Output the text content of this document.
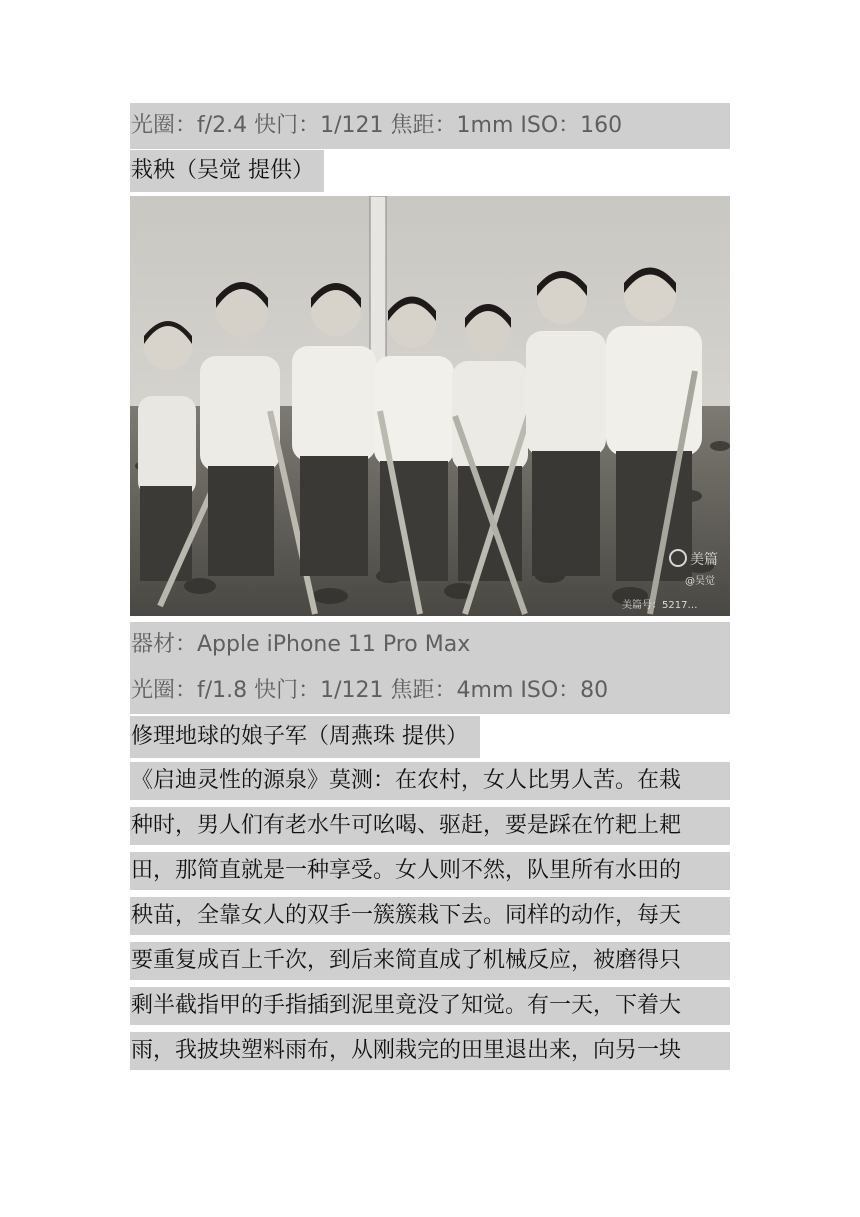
光圈：f/2.4 快门：1/121 焦距：1mm ISO：160
栽秧（吴觉 提供）
美篇
@吴觉
美篇号：5217…
器材：Apple iPhone 11 Pro Max
光圈：f/1.8 快门：1/121 焦距：4mm ISO：80
修理地球的娘子军（周燕珠 提供）
《启迪灵性的源泉》莫测：在农村，女人比男人苦。在栽
种时，男人们有老水牛可吆喝、驱赶，要是踩在竹耙上耙
田，那简直就是一种享受。女人则不然，队里所有水田的
秧苗，全靠女人的双手一簇簇栽下去。同样的动作，每天
要重复成百上千次，到后来简直成了机械反应，被磨得只
剩半截指甲的手指插到泥里竟没了知觉。有一天，下着大
雨，我披块塑料雨布，从刚栽完的田里退出来，向另一块
